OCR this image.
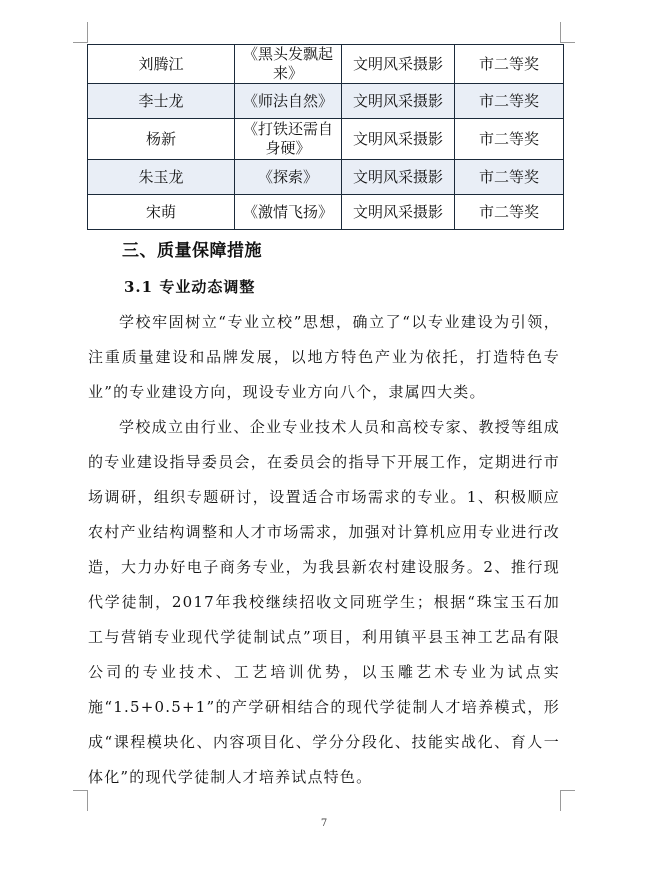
刘腾江	《黑头发飘起来》	文明风采摄影	市二等奖
李士龙	《师法自然》	文明风采摄影	市二等奖
杨新	《打铁还需自身硬》	文明风采摄影	市二等奖
朱玉龙	《探索》	文明风采摄影	市二等奖
宋萌	《激情飞扬》	文明风采摄影	市二等奖
三、质量保障措施
3.1 专业动态调整

学校牢固树立“专业立校”思想，确立了“以专业建设为引领，注重质量建设和品牌发展，以地方特色产业为依托，打造特色专业”的专业建设方向，现设专业方向八个，隶属四大类。

学校成立由行业、企业专业技术人员和高校专家、教授等组成的专业建设指导委员会，在委员会的指导下开展工作，定期进行市场调研，组织专题研讨，设置适合市场需求的专业。1、积极顺应农村产业结构调整和人才市场需求，加强对计算机应用专业进行改造，大力办好电子商务专业，为我县新农村建设服务。2、推行现代学徒制，2017年我校继续招收文同班学生；根据“珠宝玉石加工与营销专业现代学徒制试点”项目，利用镇平县玉神工艺品有限公司的专业技术、工艺培训优势，以玉雕艺术专业为试点实施“1.5+0.5+1”的产学研相结合的现代学徒制人才培养模式，形成“课程模块化、内容项目化、学分分段化、技能实战化、育人一体化”的现代学徒制人才培养试点特色。

7
